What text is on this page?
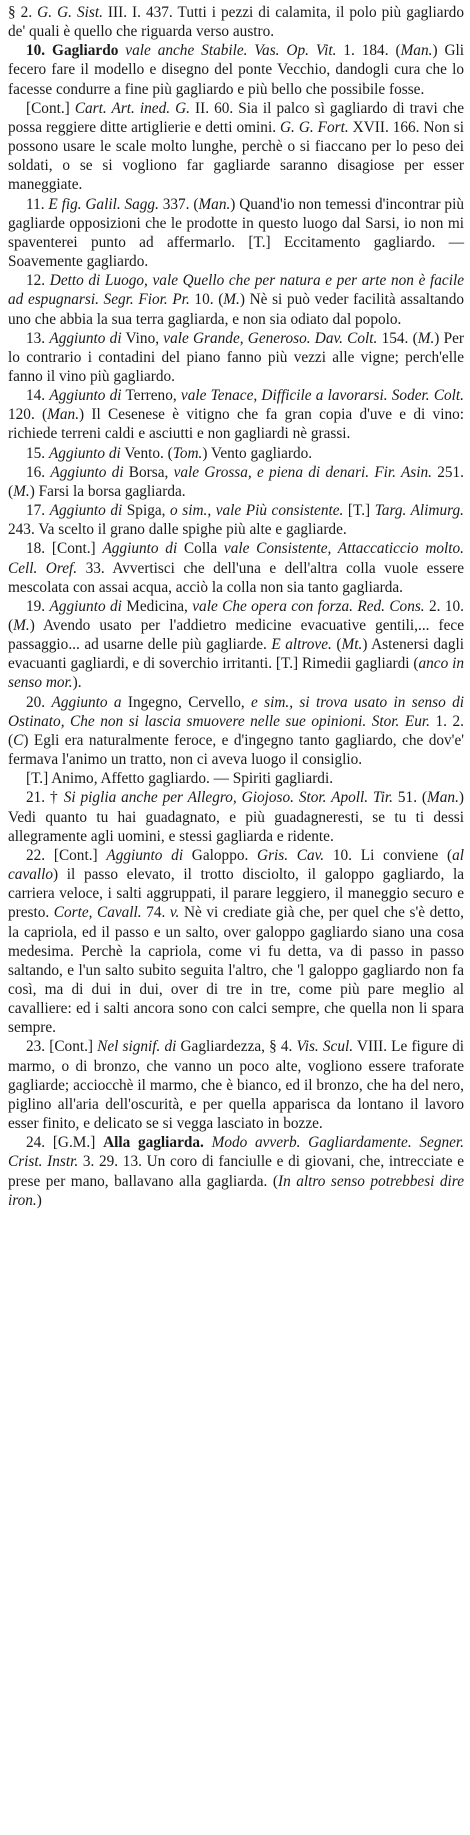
§ 2. G. G. Sist. III. I. 437. Tutti i pezzi di calamita, il polo più gagliardo de' quali è quello che riguarda verso austro.

10. Gagliardo vale anche Stabile. Vas. Op. Vit. 1. 184. (Man.) Gli fecero fare il modello e disegno del ponte Vecchio, dandogli cura che lo facesse condurre a fine più gagliardo e più bello che possibile fosse.

[Cont.] Cart. Art. ined. G. II. 60. Sia il palco sì gagliardo di travi che possa reggiere ditte artiglierie e detti omini. G. G. Fort. XVII. 166. Non si possono usare le scale molto lunghe, perchè o si fiaccano per lo peso dei soldati, o se si vogliono far gagliarde saranno disagiose per esser maneggiate.

11. E fig. Galil. Sagg. 337. (Man.) Quand'io non temessi d'incontrar più gagliarde opposizioni che le prodotte in questo luogo dal Sarsi, io non mi spaventerei punto ad affermarlo. [T.] Eccitamento gagliardo. — Soavemente gagliardo.

12. Detto di Luogo, vale Quello che per natura e per arte non è facile ad espugnarsi. Segr. Fior. Pr. 10. (M.) Nè si può veder facilità assaltando uno che abbia la sua terra gagliarda, e non sia odiato dal popolo.

13. Aggiunto di Vino, vale Grande, Generoso. Dav. Colt. 154. (M.) Per lo contrario i contadini del piano fanno più vezzi alle vigne; perch'elle fanno il vino più gagliardo.

14. Aggiunto di Terreno, vale Tenace, Difficile a lavorarsi. Soder. Colt. 120. (Man.) Il Cesenese è vitigno che fa gran copia d'uve e di vino: richiede terreni caldi e asciutti e non gagliardi nè grassi.

15. Aggiunto di Vento. (Tom.) Vento gagliardo.

16. Aggiunto di Borsa, vale Grossa, e piena di denari. Fir. Asin. 251. (M.) Farsi la borsa gagliarda.

17. Aggiunto di Spiga, o sim., vale Più consistente. [T.] Targ. Alimurg. 243. Va scelto il grano dalle spighe più alte e gagliarde.

18. [Cont.] Aggiunto di Colla vale Consistente, Attaccaticcio molto. Cell. Oref. 33. Avvertisci che dell'una e dell'altra colla vuole essere mescolata con assai acqua, acciò la colla non sia tanto gagliarda.

19. Aggiunto di Medicina, vale Che opera con forza. Red. Cons. 2. 10. (M.) Avendo usato per l'addietro medicine evacuative gentili,... fece passaggio... ad usarne delle più gagliarde. E altrove. (Mt.) Astenersi dagli evacuanti gagliardi, e di soverchio irritanti. [T.] Rimedii gagliardi (anco in senso mor.).

20. Aggiunto a Ingegno, Cervello, e sim., si trova usato in senso di Ostinato, Che non si lascia smuovere nelle sue opinioni. Stor. Eur. 1. 2. (C) Egli era naturalmente feroce, e d'ingegno tanto gagliardo, che dov'e' fermava l'animo un tratto, non ci aveva luogo il consiglio.

[T.] Animo, Affetto gagliardo. — Spiriti gagliardi.

21. † Si piglia anche per Allegro, Giojoso. Stor. Apoll. Tir. 51. (Man.) Vedi quanto tu hai guadagnato, e più guadagneresti, se tu ti dessi allegramente agli uomini, e stessi gagliarda e ridente.

22. [Cont.] Aggiunto di Galoppo. Gris. Cav. 10. Li conviene (al cavallo) il passo elevato, il trotto disciolto, il galoppo gagliardo, la carriera veloce, i salti aggruppati, il parare leggiero, il maneggio securo e presto. Corte, Cavall. 74. v. Nè vi crediate già che, per quel che s'è detto, la capriola, ed il passo e un salto, over galoppo gagliardo siano una cosa medesima. Perchè la capriola, come vi fu detta, va di passo in passo saltando, e l'un salto subito seguita l'altro, che 'l galoppo gagliardo non fa così, ma di dui in dui, over di tre in tre, come più pare meglio al cavalliere: ed i salti ancora sono con calci sempre, che quella non li spara sempre.

23. [Cont.] Nel signif. di Gagliardezza, § 4. Vis. Scul. VIII. Le figure di marmo, o di bronzo, che vanno un poco alte, vogliono essere traforate gagliarde; acciocchè il marmo, che è bianco, ed il bronzo, che ha del nero, piglino all'aria dell'oscurità, e per quella apparisca da lontano il lavoro esser finito, e delicato se si vegga lasciato in bozze.

24. [G.M.] Alla gagliarda. Modo avverb. Gagliardamente. Segner. Crist. Instr. 3. 29. 13. Un coro di fanciulle e di giovani, che, intrecciate e prese per mano, ballavano alla gagliarda. (In altro senso potrebbesi dire iron.)
